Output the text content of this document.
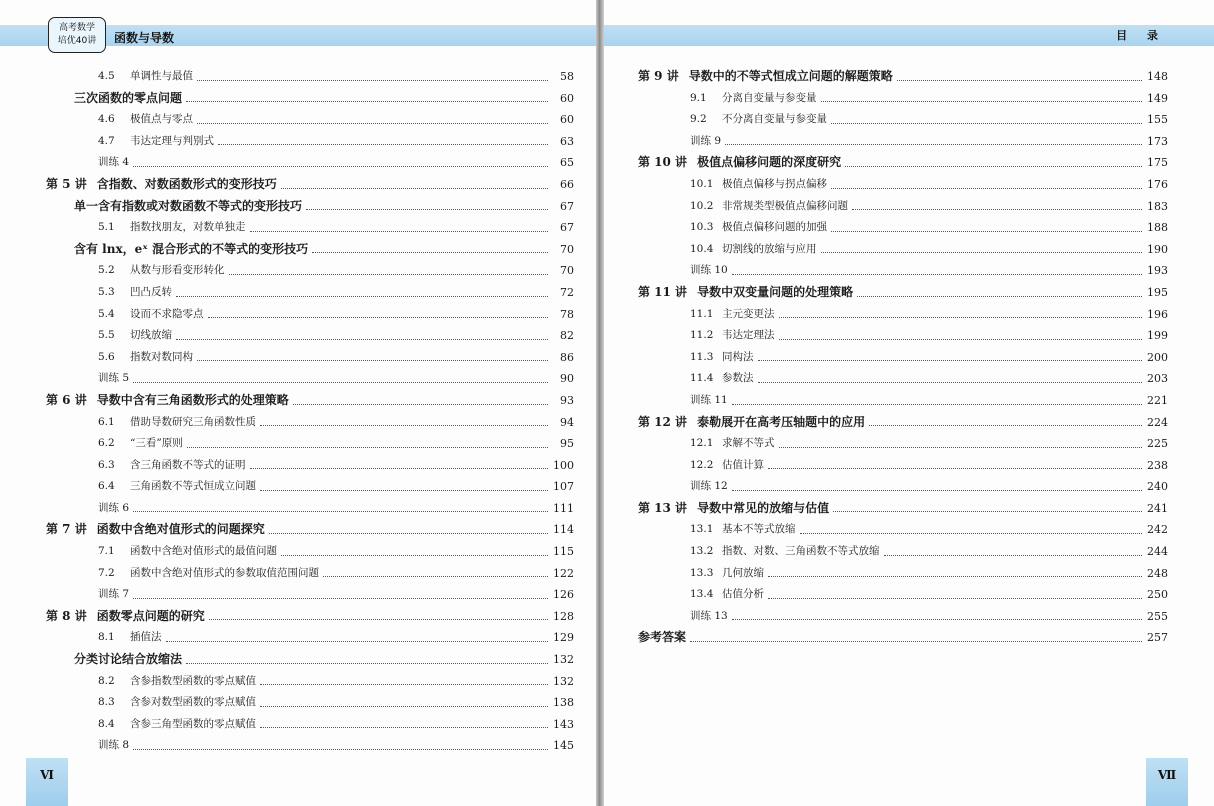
高考数学
培优40讲	函数与导数
4.5 单调性与最值	58
三次函数的零点问题	60
4.6 极值点与零点	60
4.7 韦达定理与判别式	63
训练 4	65
第 5 讲 含指数、对数函数形式的变形技巧	66
单一含有指数或对数函数不等式的变形技巧	67
5.1 指数找朋友，对数单独走	67
含有 lnx，eˣ 混合形式的不等式的变形技巧	70
5.2 从数与形看变形转化	70
5.3 凹凸反转	72
5.4 设而不求隐零点	78
5.5 切线放缩	82
5.6 指数对数同构	86
训练 5	90
第 6 讲 导数中含有三角函数形式的处理策略	93
6.1 借助导数研究三角函数性质	94
6.2 “三看”原则	95
6.3 含三角函数不等式的证明	100
6.4 三角函数不等式恒成立问题	107
训练 6	111
第 7 讲 函数中含绝对值形式的问题探究	114
7.1 函数中含绝对值形式的最值问题	115
7.2 函数中含绝对值形式的参数取值范围问题	122
训练 7	126
第 8 讲 函数零点问题的研究	128
8.1 插值法	129
分类讨论结合放缩法	132
8.2 含参指数型函数的零点赋值	132
8.3 含参对数型函数的零点赋值	138
8.4 含参三角型函数的零点赋值	143
训练 8	145
Ⅵ
目 录
第 9 讲 导数中的不等式恒成立问题的解题策略	148
9.1 分离自变量与参变量	149
9.2 不分离自变量与参变量	155
训练 9	173
第 10 讲 极值点偏移问题的深度研究	175
10.1 极值点偏移与拐点偏移	176
10.2 非常规类型极值点偏移问题	183
10.3 极值点偏移问题的加强	188
10.4 切割线的放缩与应用	190
训练 10	193
第 11 讲 导数中双变量问题的处理策略	195
11.1 主元变更法	196
11.2 韦达定理法	199
11.3 同构法	200
11.4 参数法	203
训练 11	221
第 12 讲 泰勒展开在高考压轴题中的应用	224
12.1 求解不等式	225
12.2 估值计算	238
训练 12	240
第 13 讲 导数中常见的放缩与估值	241
13.1 基本不等式放缩	242
13.2 指数、对数、三角函数不等式放缩	244
13.3 几何放缩	248
13.4 估值分析	250
训练 13	255
参考答案	257
Ⅶ
